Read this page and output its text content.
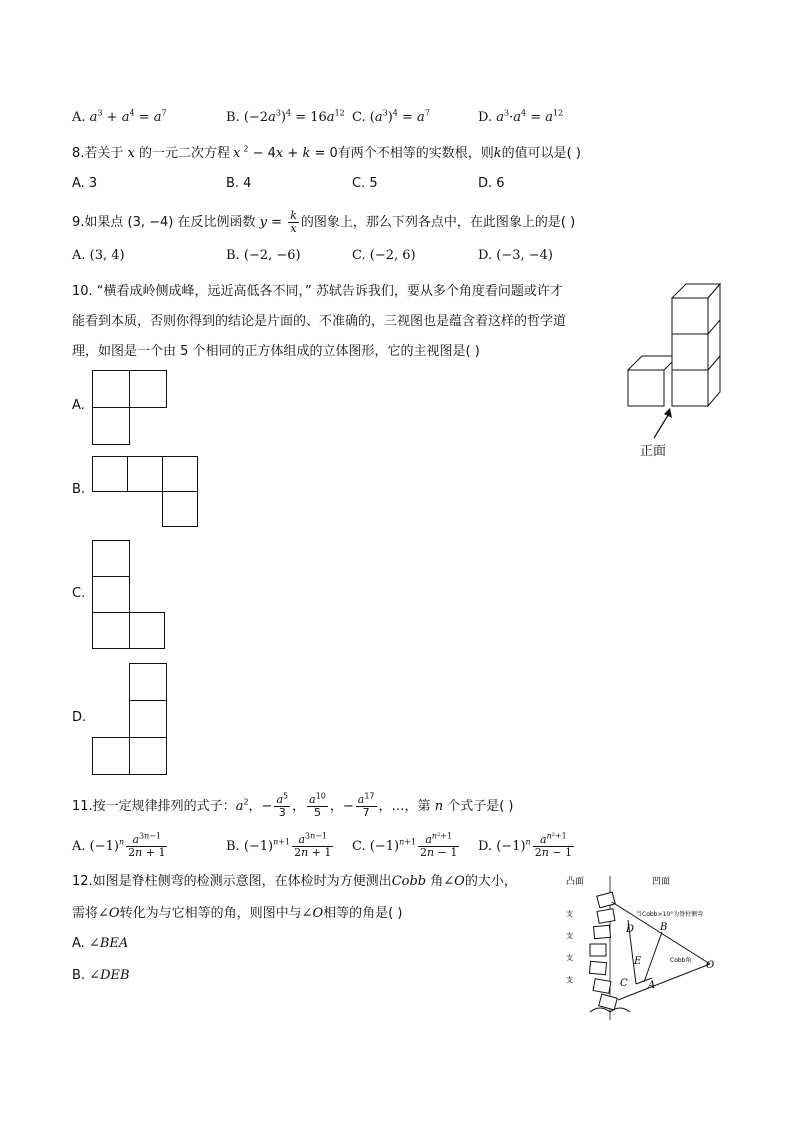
A. $a^3 + a^4 = a^7$	B. $(-2a^3)^4 = 16a^{12}$ C. $(a^3)^4 = a^7$	D. $a^3\cdot a^4 = a^{12}$
8.若关于 x 的一元二次方程 x $^2$ − 4x + k = 0有两个不相等的实数根，则k的值可以是( )
A. 3	B. 4	C. 5	D. 6
9.如果点 (3, −4) 在反比例函数 $y = \frac{k}{x}$ 的图象上，那么下列各点中，在此图象上的是( )
A. (3, 4)	B. (−2, −6)	C. (−2, 6)	D. (−3, −4)
10. “横看成岭侧成峰，远近高低各不同，” 苏轼告诉我们，要从多个角度看问题或许才
能看到本质，否则你得到的结论是片面的、不准确的，三视图也是蕴含着这样的哲学道
理，如图是一个由 5 个相同的正方体组成的立体图形，它的主视图是( )
正面
A.
B.
C.
D.
11.按一定规律排列的式子：$a^2$，− $\frac{a^5}{3}$ ， $\frac{a^{10}}{5}$ ，− $\frac{a^{17}}{7}$ ，…，第 n 个式子是( )
A. $(-1)^n \frac{a^{3n-1}}{2n + 1}$	B. $(-1)^{n+1} \frac{a^{3n-1}}{2n + 1} C$. $(-1)^{n+1} \frac{a^{n^2+1}}{2n - 1} D$. $(-1)^n \frac{a^{n^2+1}}{2n - 1}$
12.如图是脊柱侧弯的检测示意图，在体检时为方便测出Cobb 角∠O的大小，
需将∠O转化为与它相等的角，则图中与∠O相等的角是( )
A. ∠BEA
B. ∠DEB
凸面	凹面
D	B
E
C A
O
Cobb角
当Cobb>10°为脊柱侧弯
支
支
支
支
